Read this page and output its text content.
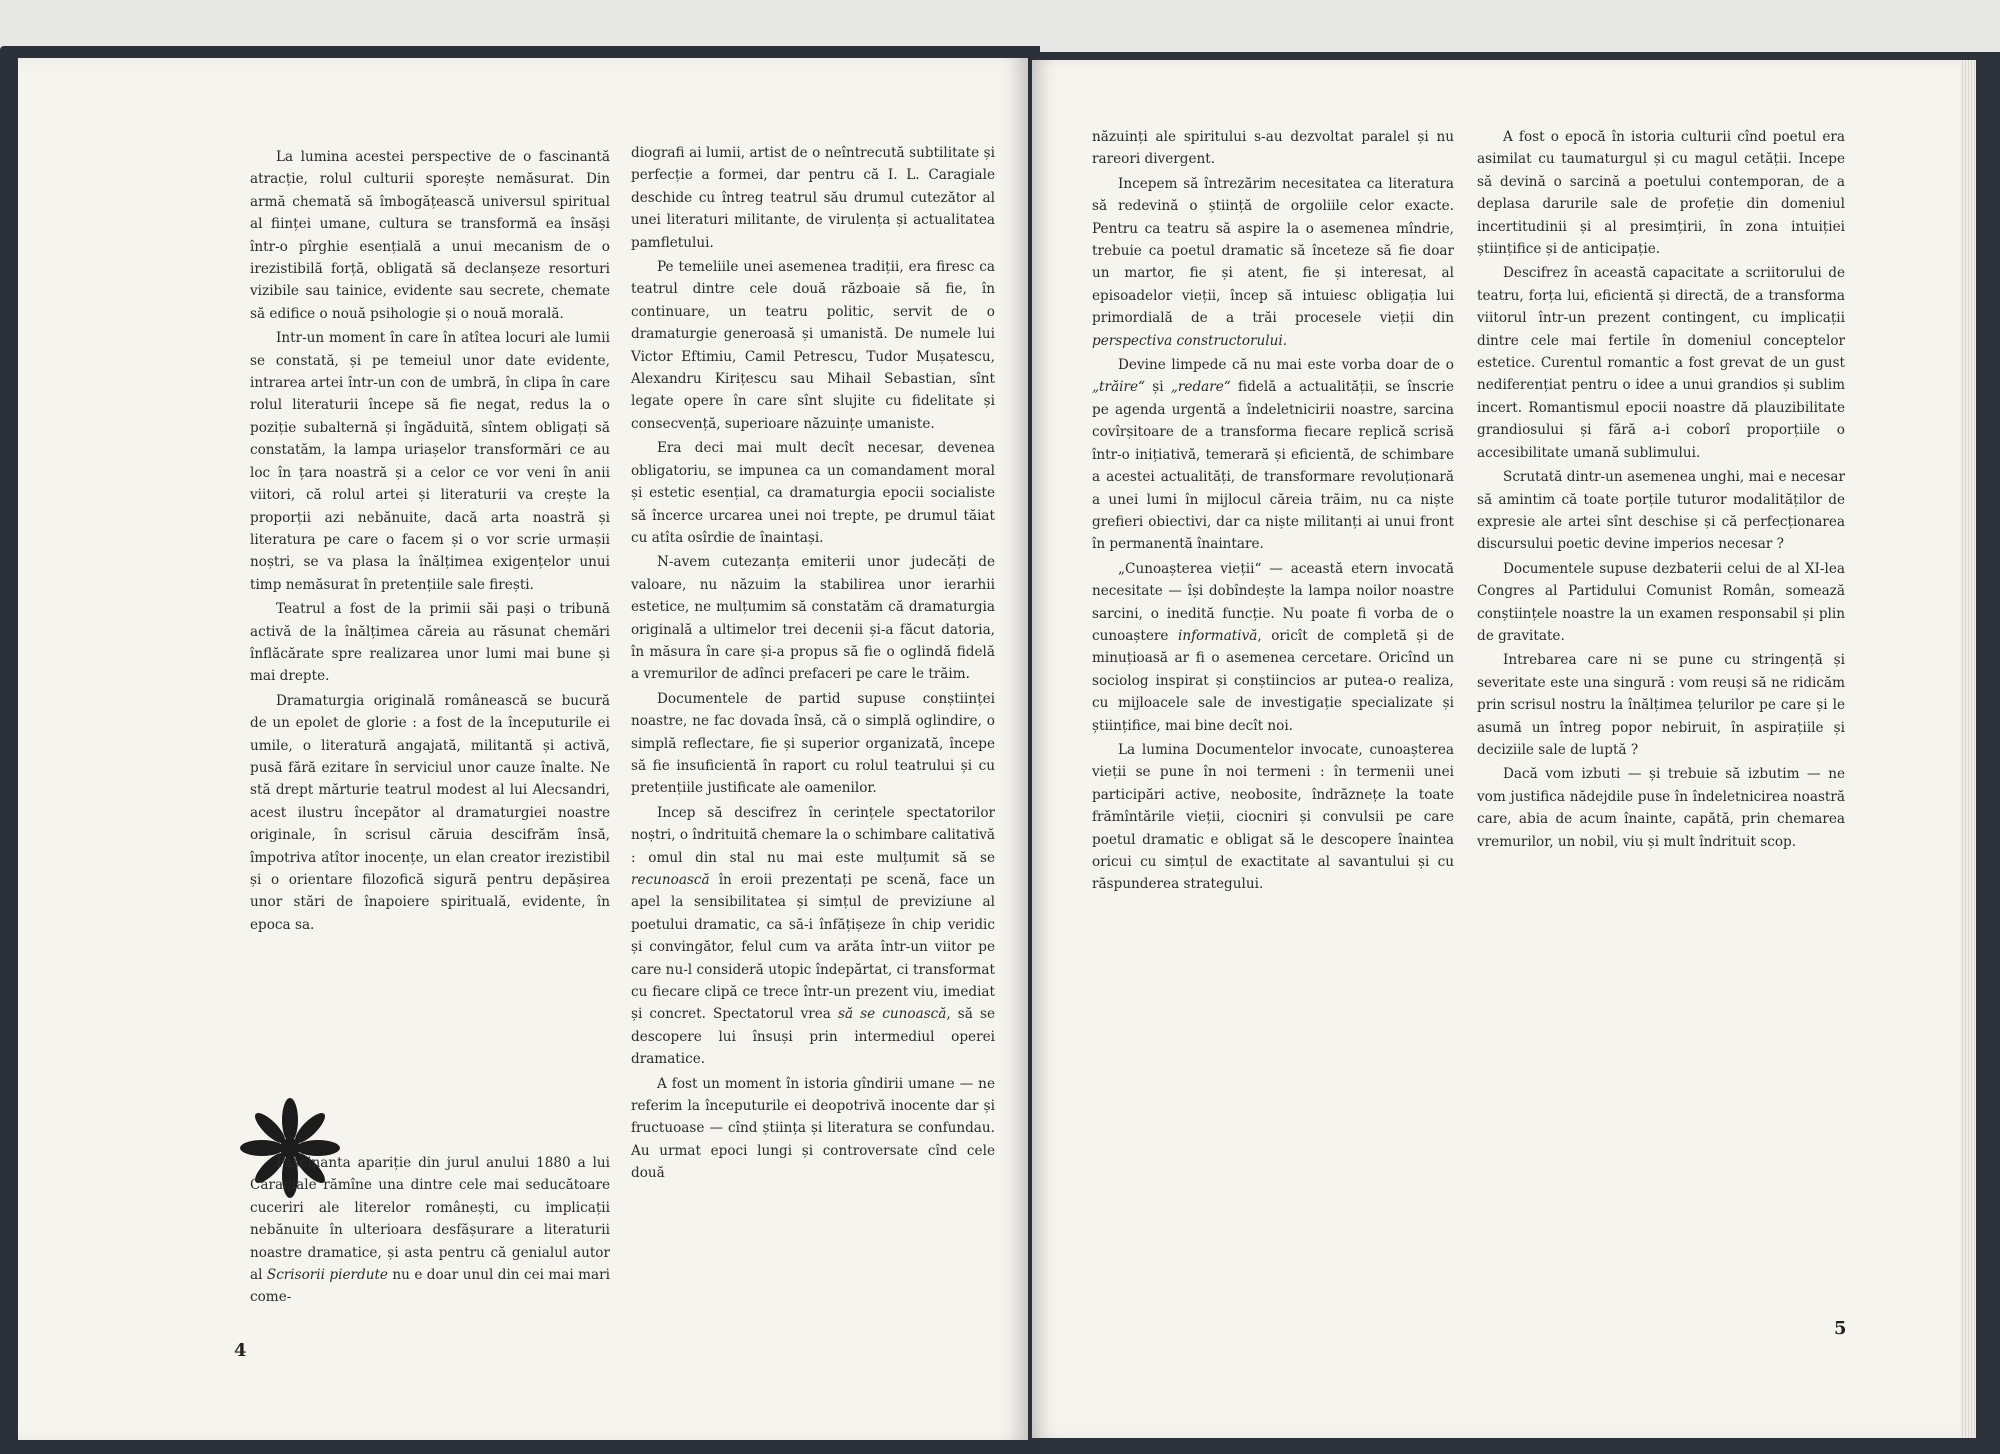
La lumina acestei perspective de o fascinantă atracție, rolul culturii sporește nemăsurat. Din armă chemată să îmbogățească universul spiritual al ființei umane, cultura se transformă ea însăși într-o pîrghie esențială a unui mecanism de o irezistibilă forță, obligată să declanșeze resorturi vizibile sau tainice, evidente sau secrete, chemate să edifice o nouă psihologie și o nouă morală.

Intr-un moment în care în atîtea locuri ale lumii se constată, și pe temeiul unor date evidente, intrarea artei într-un con de umbră, în clipa în care rolul literaturii începe să fie negat, redus la o poziție subalternă și îngăduită, sîntem obligați să constatăm, la lampa uriașelor transformări ce au loc în țara noastră și a celor ce vor veni în anii viitori, că rolul artei și literaturii va crește la proporții azi nebănuite, dacă arta noastră și literatura pe care o facem și o vor scrie urmașii noștri, se va plasa la înălțimea exigențelor unui timp nemăsurat în pretențiile sale firești.

Teatrul a fost de la primii săi pași o tribună activă de la înălțimea căreia au răsunat chemări înflăcărate spre realizarea unor lumi mai bune și mai drepte.

Dramaturgia originală românească se bucură de un epolet de glorie : a fost de la începuturile ei umile, o literatură angajată, militantă și activă, pusă fără ezitare în serviciul unor cauze înalte. Ne stă drept mărturie teatrul modest al lui Alecsandri, acest ilustru începător al dramaturgiei noastre originale, în scrisul căruia descifrăm însă, împotriva atîtor inocențe, un elan creator irezistibil și o orientare filozofică sigură pentru depășirea unor stări de înapoiere spirituală, evidente, în epoca sa.

Fascinanta apariție din jurul anului 1880 a lui Caragiale rămîne una dintre cele mai seducătoare cuceriri ale literelor românești, cu implicații nebănuite în ulterioara desfășurare a literaturii noastre dramatice, și asta pentru că genialul autor al Scrisorii pierdute nu e doar unul din cei mai mari come-

diografi ai lumii, artist de o neîntrecută subtilitate și perfecție a formei, dar pentru că I. L. Caragiale deschide cu întreg teatrul său drumul cutezător al unei literaturi militante, de virulența și actualitatea pamfletului.

Pe temeliile unei asemenea tradiții, era firesc ca teatrul dintre cele două războaie să fie, în continuare, un teatru politic, servit de o dramaturgie generoasă și umanistă. De numele lui Victor Eftimiu, Camil Petrescu, Tudor Mușatescu, Alexandru Kirițescu sau Mihail Sebastian, sînt legate opere în care sînt slujite cu fidelitate și consecvență, superioare năzuințe umaniste.

Era deci mai mult decît necesar, devenea obligatoriu, se impunea ca un comandament moral și estetic esențial, ca dramaturgia epocii socialiste să încerce urcarea unei noi trepte, pe drumul tăiat cu atîta osîrdie de înaintași.

N-avem cutezanța emiterii unor judecăți de valoare, nu năzuim la stabilirea unor ierarhii estetice, ne mulțumim să constatăm că dramaturgia originală a ultimelor trei decenii și-a făcut datoria, în măsura în care și-a propus să fie o oglindă fidelă a vremurilor de adînci prefaceri pe care le trăim.

Documentele de partid supuse conștiinței noastre, ne fac dovada însă, că o simplă oglindire, o simplă reflectare, fie și superior organizată, începe să fie insuficientă în raport cu rolul teatrului și cu pretențiile justificate ale oamenilor.

Incep să descifrez în cerințele spectatorilor noștri, o îndrituită chemare la o schimbare calitativă : omul din stal nu mai este mulțumit să se recunoască în eroii prezentați pe scenă, face un apel la sensibilitatea și simțul de previziune al poetului dramatic, ca să-i înfățișeze în chip veridic și convingător, felul cum va arăta într-un viitor pe care nu-l consideră utopic îndepărtat, ci transformat cu fiecare clipă ce trece într-un prezent viu, imediat și concret. Spectatorul vrea să se cunoască, să se descopere lui însuși prin intermediul operei dramatice.

A fost un moment în istoria gîndirii umane — ne referim la începuturile ei deopotrivă inocente dar și fructuoase — cînd știința și literatura se confundau. Au urmat epoci lungi și controversate cînd cele două

4

năzuinți ale spiritului s-au dezvoltat paralel și nu rareori divergent.

Incepem să întrezărim necesitatea ca literatura să redevină o știință de orgoliile celor exacte. Pentru ca teatru să aspire la o asemenea mîndrie, trebuie ca poetul dramatic să înceteze să fie doar un martor, fie și atent, fie și interesat, al episoadelor vieții, încep să intuiesc obligația lui primordială de a trăi procesele vieții din perspectiva constructorului.

Devine limpede că nu mai este vorba doar de o „trăire“ și „redare“ fidelă a actualității, se înscrie pe agenda urgentă a îndeletnicirii noastre, sarcina covîrșitoare de a transforma fiecare replică scrisă într-o inițiativă, temerară și eficientă, de schimbare a acestei actualități, de transformare revoluționară a unei lumi în mijlocul căreia trăim, nu ca niște grefieri obiectivi, dar ca niște militanți ai unui front în permanentă înaintare.

„Cunoașterea vieții“ — această etern invocată necesitate — își dobîndește la lampa noilor noastre sarcini, o inedită funcție. Nu poate fi vorba de o cunoaștere informativă, oricît de completă și de minuțioasă ar fi o asemenea cercetare. Oricînd un sociolog inspirat și conștiincios ar putea-o realiza, cu mijloacele sale de investigație specializate și științifice, mai bine decît noi.

La lumina Documentelor invocate, cunoașterea vieții se pune în noi termeni : în termenii unei participări active, neobosite, îndrăznețe la toate frămîntările vieții, ciocniri și convulsii pe care poetul dramatic e obligat să le descopere înaintea oricui cu simțul de exactitate al savantului și cu răspunderea strategului.

A fost o epocă în istoria culturii cînd poetul era asimilat cu taumaturgul și cu magul cetății. Incepe să devină o sarcină a poetului contemporan, de a deplasa darurile sale de profeție din domeniul incertitudinii și al presimțirii, în zona intuiției științifice și de anticipație.

Descifrez în această capacitate a scriitorului de teatru, forța lui, eficientă și directă, de a transforma viitorul într-un prezent contingent, cu implicații dintre cele mai fertile în domeniul conceptelor estetice. Curentul romantic a fost grevat de un gust nediferențiat pentru o idee a unui grandios și sublim incert. Romantismul epocii noastre dă plauzibilitate grandiosului și fără a-i coborî proporțiile o accesibilitate umană sublimului.

Scrutată dintr-un asemenea unghi, mai e necesar să amintim că toate porțile tuturor modalităților de expresie ale artei sînt deschise și că perfecționarea discursului poetic devine imperios necesar ?

Documentele supuse dezbaterii celui de al XI-lea Congres al Partidului Comunist Român, somează conștiințele noastre la un examen responsabil și plin de gravitate.

Intrebarea care ni se pune cu stringență și severitate este una singură : vom reuși să ne ridicăm prin scrisul nostru la înălțimea țelurilor pe care și le asumă un întreg popor nebiruit, în aspirațiile și deciziile sale de luptă ?

Dacă vom izbuti — și trebuie să izbutim — ne vom justifica nădejdile puse în îndeletnicirea noastră care, abia de acum înainte, capătă, prin chemarea vremurilor, un nobil, viu și mult îndrituit scop.

5
